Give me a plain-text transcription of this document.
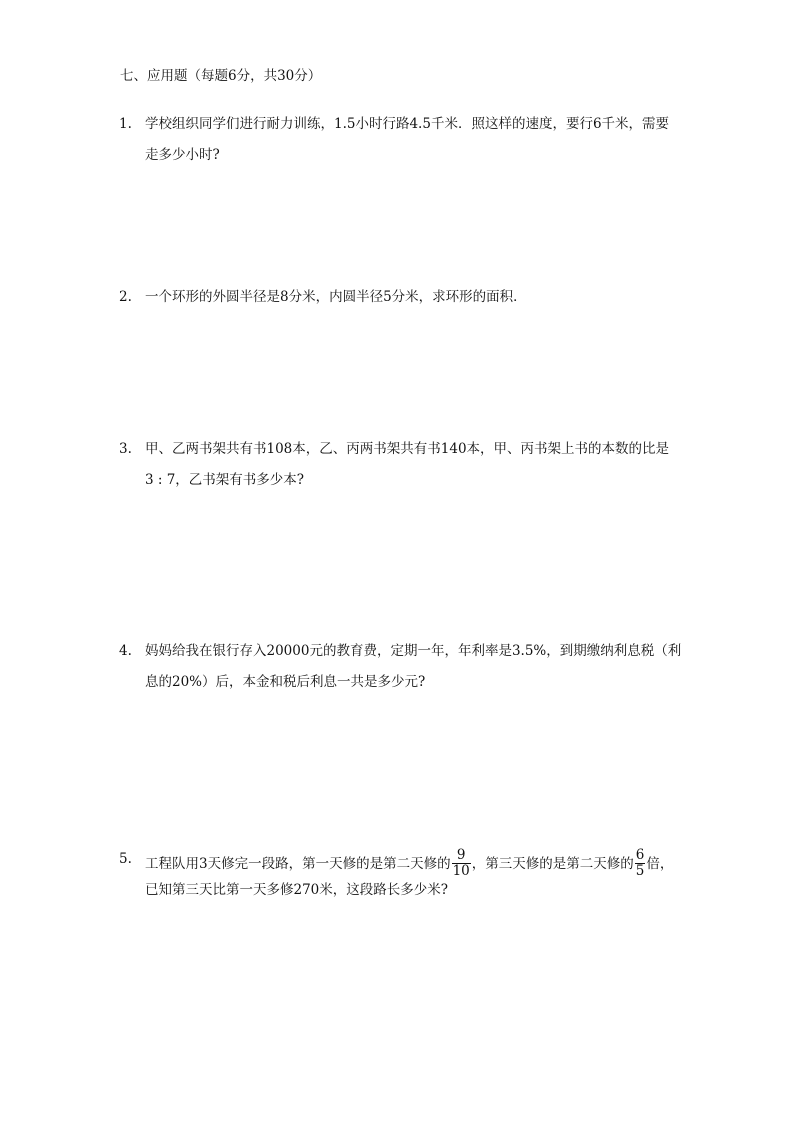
七、应用题（每题6分，共30分）
1. 学校组织同学们进行耐力训练，1.5小时行路4.5千米．照这样的速度，要行6千米，需要
走多少小时?
2. 一个环形的外圆半径是8分米，内圆半径5分米，求环形的面积．
3. 甲、乙两书架共有书108本，乙、丙两书架共有书140本，甲、丙书架上书的本数的比是
3 : 7，乙书架有书多少本?
4. 妈妈给我在银行存入20000元的教育费，定期一年，年利率是3.5%，到期缴纳利息税（利
息的20%）后，本金和税后利息一共是多少元?
5. 工程队用3天修完一段路，第一天修的是第二天修的 $\frac{9}{10}$ ，第三天修的是第二天修的 $\frac{6}{5}$ 倍，
已知第三天比第一天多修270米，这段路长多少米?
